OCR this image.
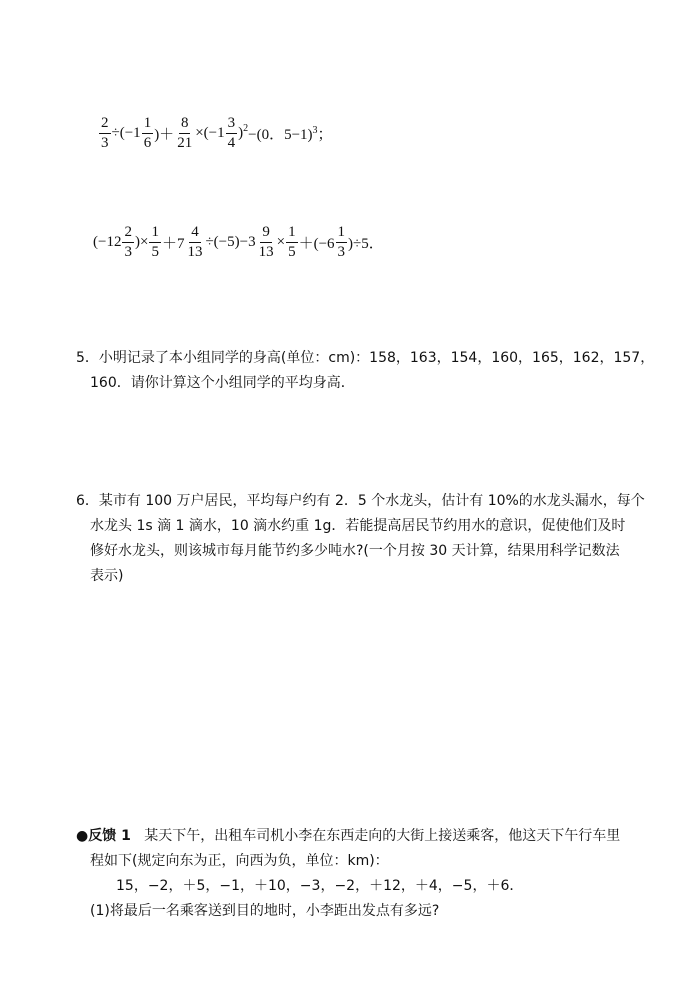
$\frac{2}{3} \div(-1 \frac{1}{6}$ )＋ $\frac{8}{21} \times(-1 \frac{3}{4} )^2 -(0$．5−1)$^3$ ；
($-12 \frac{2}{3}$ )× $\frac{1}{5} +7 \frac{4}{13} \div(-5)-3 \frac{9}{13} \times \frac{1}{5} +(-6 \frac{1}{3} )\div 5$．
5．小明记录了本小组同学的身高(单位：cm)：158，163，154，160，165，162，157，
160．请你计算这个小组同学的平均身高．
6．某市有 100 万户居民，平均每户约有 2．5 个水龙头，估计有 10%的水龙头漏水，每个
水龙头 1s 滴 1 滴水，10 滴水约重 1g．若能提高居民节约用水的意识，促使他们及时
修好水龙头，则该城市每月能节约多少吨水?(一个月按 30 天计算，结果用科学记数法
表示)
●反馈 1 某天下午，出租车司机小李在东西走向的大街上接送乘客，他这天下午行车里
程如下(规定向东为正，向西为负，单位：km)：
15，−2，＋5，−1，＋10，−3，−2，＋12，＋4，−5，＋6．
(1)将最后一名乘客送到目的地时，小李距出发点有多远?
